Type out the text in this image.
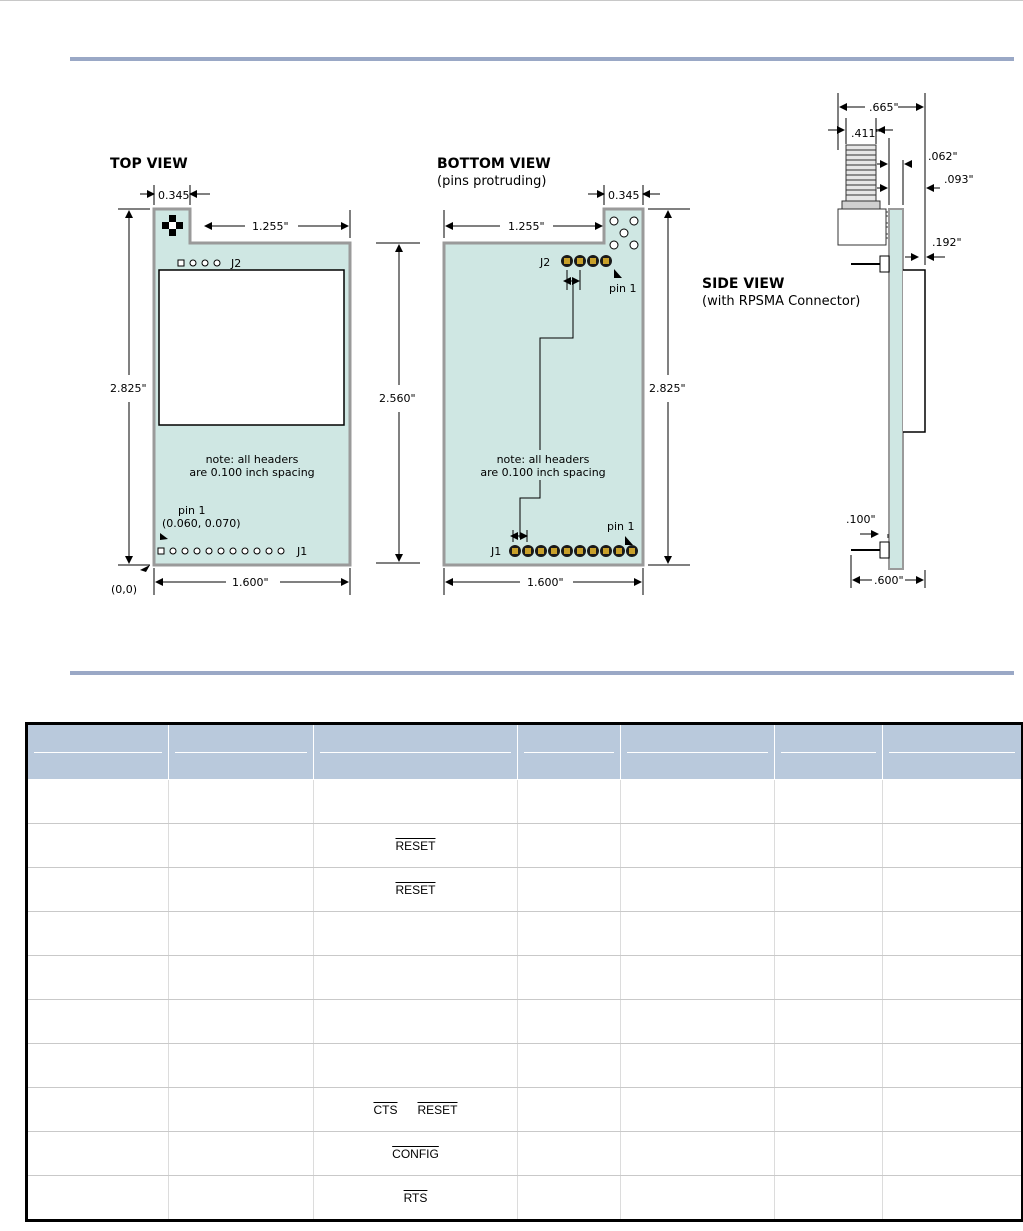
TOP VIEW
J2
note: all headers
are 0.100 inch spacing
pin 1
(0.060, 0.070)
J1
0.345
1.255"
2.825"
1.600"
(0,0)
2.560"
BOTTOM VIEW
(pins protruding)
J2
pin 1
note: all headers
are 0.100 inch spacing
pin 1
J1
0.345
1.255"
2.825"
1.600"
SIDE VIEW
(with RPSMA Connector)
.665"
.411"
.062"
.093"
.192"
.100"
.600"

		RESET				
		RESET				

		$\overline{CTS}$ RESET				
		CONFIG				
		$\overline{RTS}$				
